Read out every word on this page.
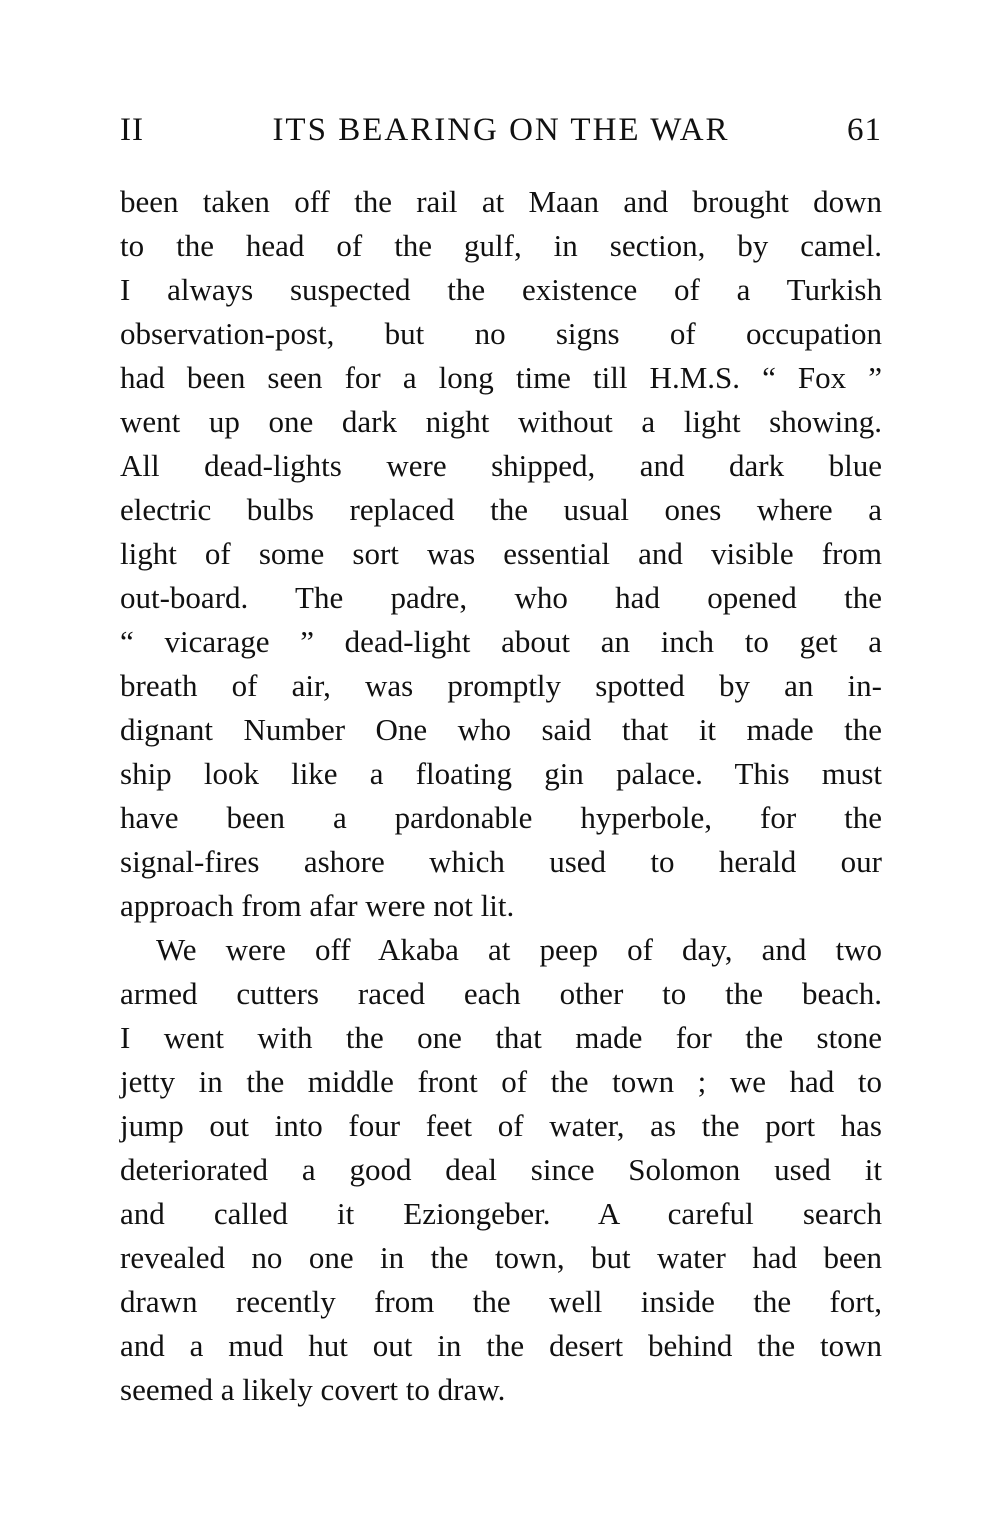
II	ITS BEARING ON THE WAR	61
been taken off the rail at Maan and brought down
to the head of the gulf, in section, by camel.
I always suspected the existence of a Turkish
observation-post, but no signs of occupation
had been seen for a long time till H.M.S. “ Fox ”
went up one dark night without a light showing.
All dead-lights were shipped, and dark blue
electric bulbs replaced the usual ones where a
light of some sort was essential and visible from
out-board. The padre, who had opened the
“ vicarage ” dead-light about an inch to get a
breath of air, was promptly spotted by an in-
dignant Number One who said that it made the
ship look like a floating gin palace. This must
have been a pardonable hyperbole, for the
signal-fires ashore which used to herald our
approach from afar were not lit.
We were off Akaba at peep of day, and two
armed cutters raced each other to the beach.
I went with the one that made for the stone
jetty in the middle front of the town ; we had to
jump out into four feet of water, as the port has
deteriorated a good deal since Solomon used it
and called it Eziongeber. A careful search
revealed no one in the town, but water had been
drawn recently from the well inside the fort,
and a mud hut out in the desert behind the town
seemed a likely covert to draw.
